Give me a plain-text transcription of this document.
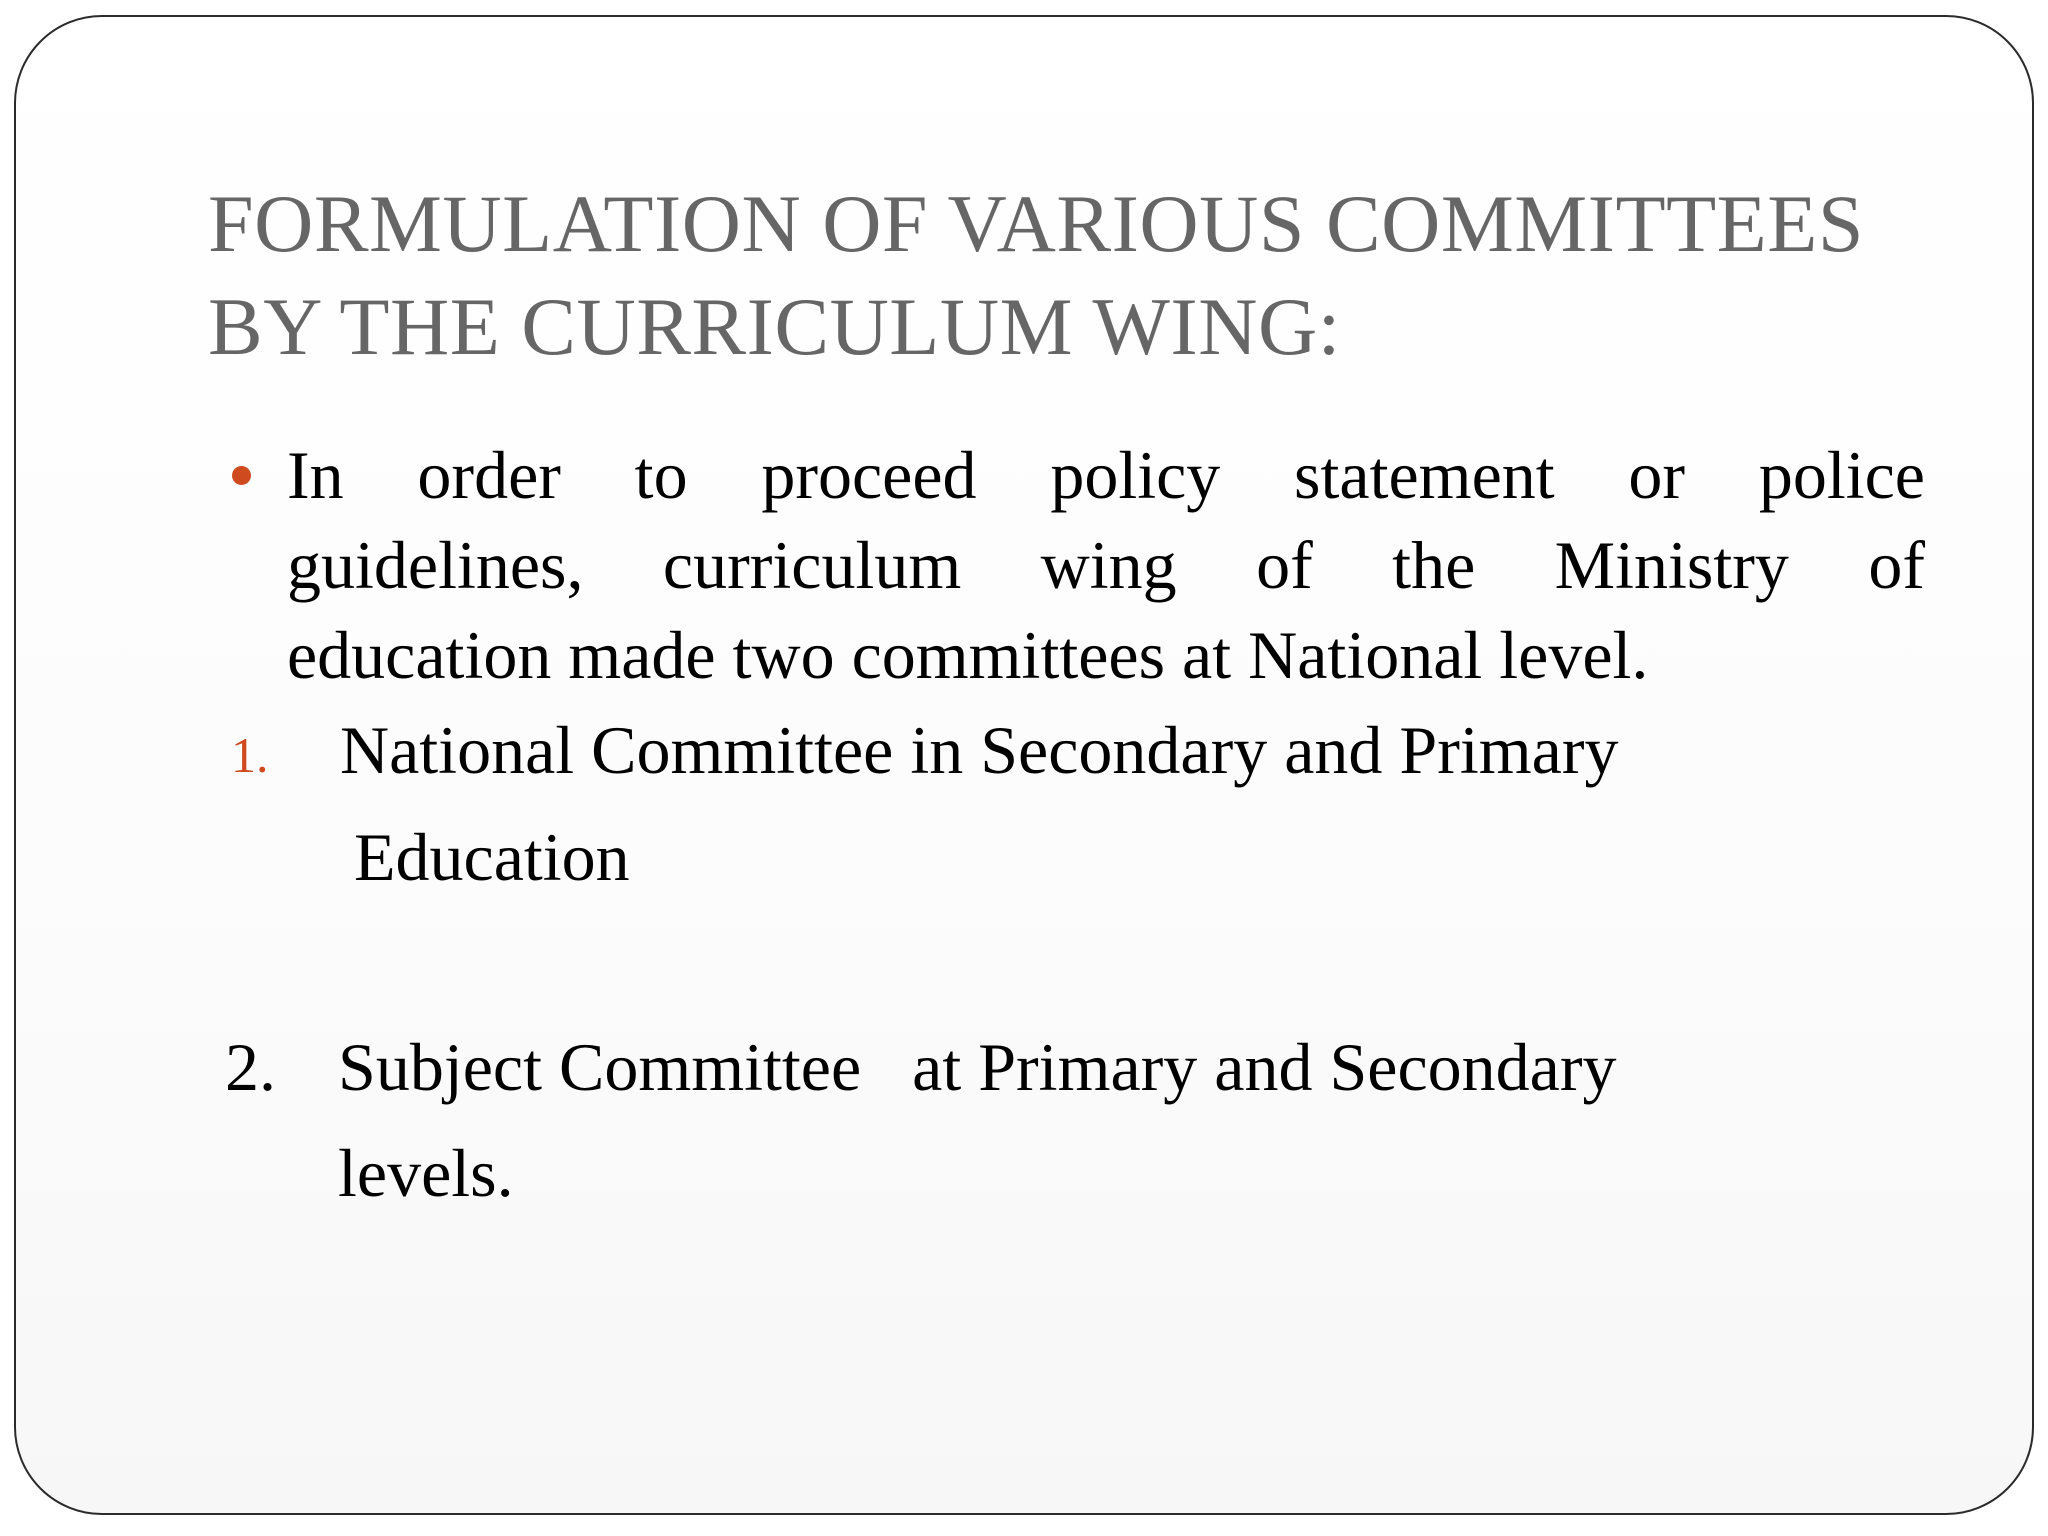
FORMULATION OF VARIOUS COMMITTEES
BY THE CURRICULUM WING:
In order to proceed policy statement or police
guidelines, curriculum wing of the Ministry of
education made two committees at National level.
1. National Committee in Secondary and Primary
Education
2. Subject Committee   at Primary and Secondary
levels.
